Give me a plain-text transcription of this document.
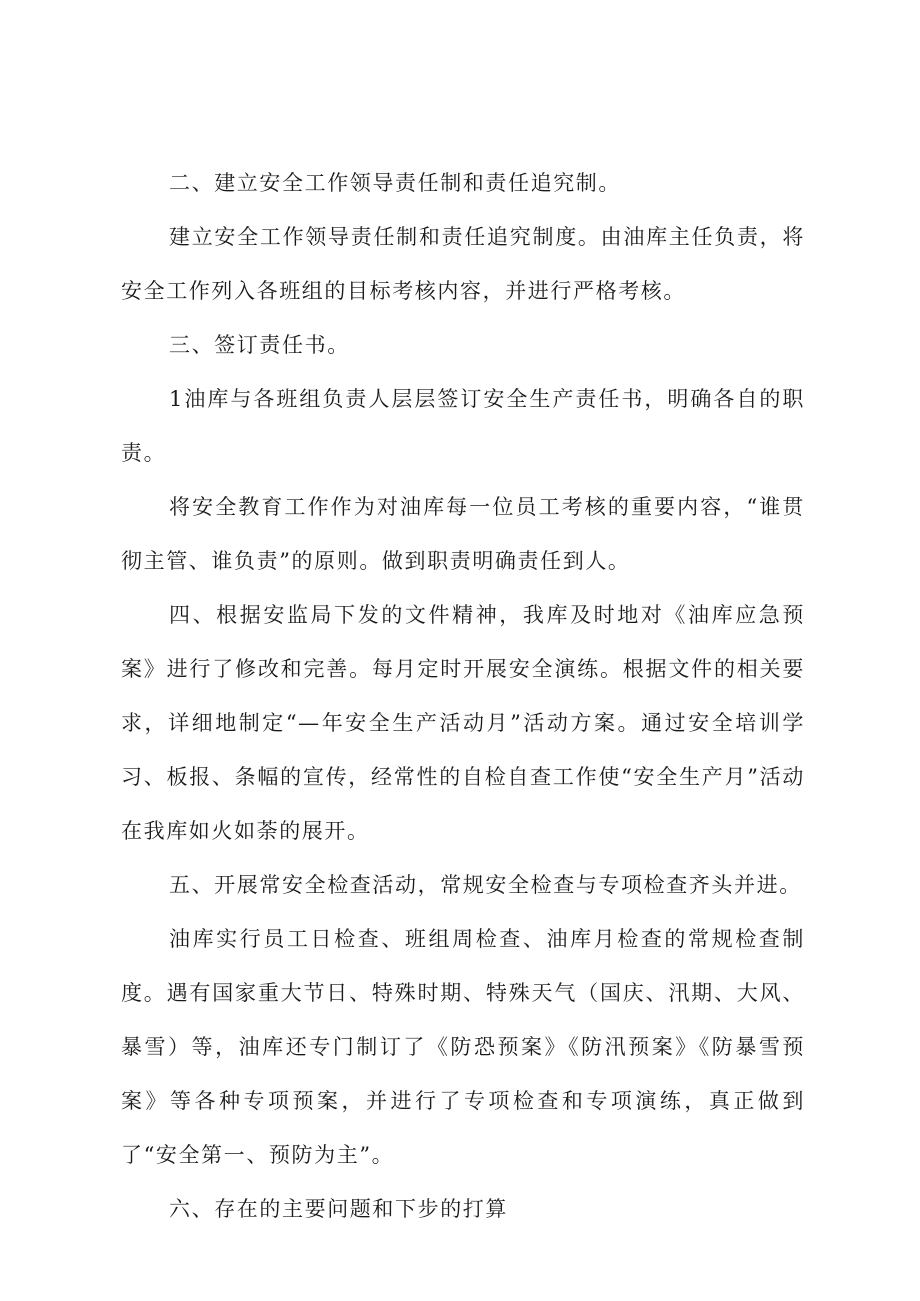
二、建立安全工作领导责任制和责任追究制。

建立安全工作领导责任制和责任追究制度。由油库主任负责，将安全工作列入各班组的目标考核内容，并进行严格考核。

三、签订责任书。

1油库与各班组负责人层层签订安全生产责任书，明确各自的职责。

将安全教育工作作为对油库每一位员工考核的重要内容，“谁贯彻主管、谁负责”的原则。做到职责明确责任到人。

四、根据安监局下发的文件精神，我库及时地对《油库应急预案》进行了修改和完善。每月定时开展安全演练。根据文件的相关要求，详细地制定“—年安全生产活动月”活动方案。通过安全培训学习、板报、条幅的宣传，经常性的自检自查工作使“安全生产月”活动在我库如火如荼的展开。

五、开展常安全检查活动，常规安全检查与专项检查齐头并进。

油库实行员工日检查、班组周检查、油库月检查的常规检查制度。遇有国家重大节日、特殊时期、特殊天气（国庆、汛期、大风、暴雪）等，油库还专门制订了《防恐预案》《防汛预案》《防暴雪预案》等各种专项预案，并进行了专项检查和专项演练，真正做到了“安全第一、预防为主”。

六、存在的主要问题和下步的打算
